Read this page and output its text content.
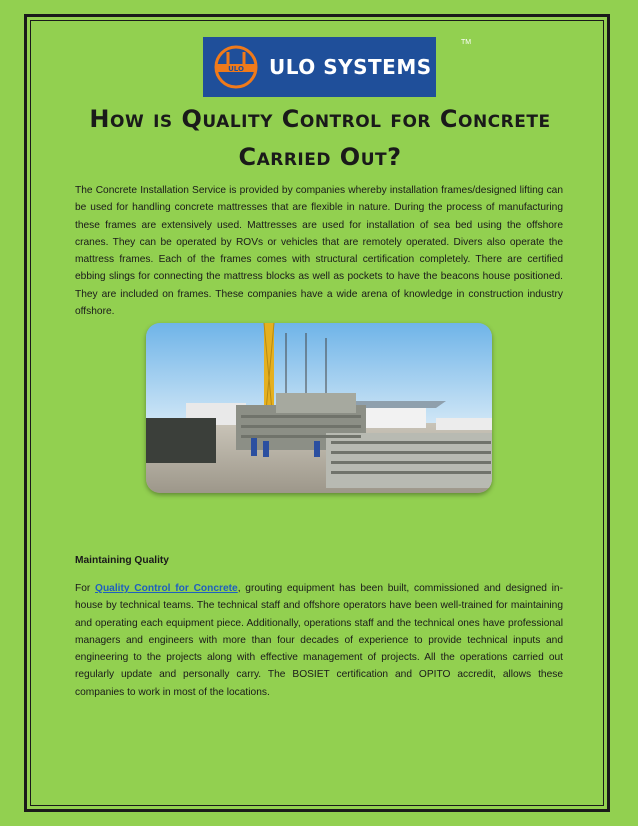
ULO ULO SYSTEMS
TM
How is Quality Control for Concrete Carried Out?
The Concrete Installation Service is provided by companies whereby installation frames/designed lifting can be used for handling concrete mattresses that are flexible in nature. During the process of manufacturing these frames are extensively used. Mattresses are used for installation of sea bed using the offshore cranes. They can be operated by ROVs or vehicles that are remotely operated. Divers also operate the mattress frames. Each of the frames comes with structural certification completely. There are certified ebbing slings for connecting the mattress blocks as well as pockets to have the beacons house positioned. They are included on frames. These companies have a wide arena of knowledge in construction industry offshore.
Maintaining Quality
For Quality Control for Concrete, grouting equipment has been built, commissioned and designed in-house by technical teams. The technical staff and offshore operators have been well-trained for maintaining and operating each equipment piece. Additionally, operations staff and the technical ones have professional managers and engineers with more than four decades of experience to provide technical inputs and engineering to the projects along with effective management of projects. All the operations carried out regularly update and personally carry. The BOSIET certification and OPITO accredit, allows these companies to work in most of the locations.
